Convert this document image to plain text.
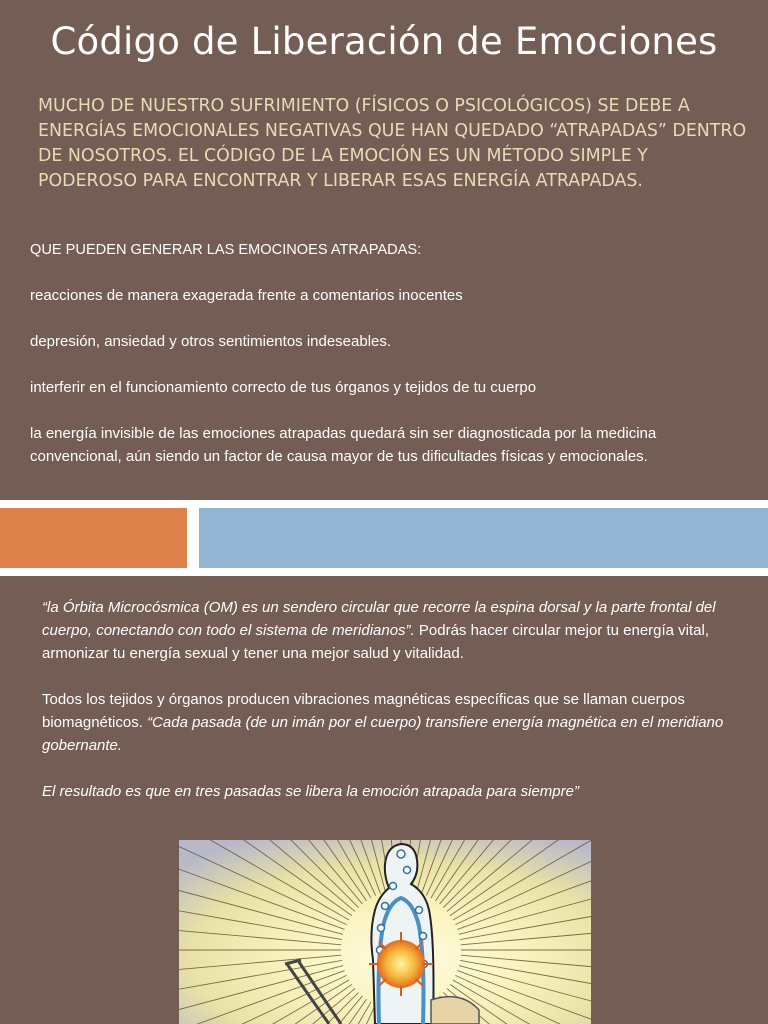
Código de Liberación de Emociones
MUCHO DE NUESTRO SUFRIMIENTO (FÍSICOS O PSICOLÓGICOS) SE DEBE A ENERGÍAS EMOCIONALES NEGATIVAS QUE HAN QUEDADO “ATRAPADAS” DENTRO DE NOSOTROS. EL CÓDIGO DE LA EMOCIÓN ES UN MÉTODO SIMPLE Y PODEROSO PARA ENCONTRAR Y LIBERAR ESAS ENERGÍA ATRAPADAS.
QUE PUEDEN GENERAR LAS EMOCINOES ATRAPADAS:
reacciones de manera exagerada frente a comentarios inocentes
depresión, ansiedad y otros sentimientos indeseables.
interferir en el funcionamiento correcto de tus órganos y tejidos de tu cuerpo
la energía invisible de las emociones atrapadas quedará sin ser diagnosticada por la medicina convencional, aún siendo un factor de causa mayor de tus dificultades físicas y emocionales.

“la Órbita Microcósmica (OM) es un sendero circular que recorre la espina dorsal y la parte frontal del cuerpo, conectando con todo el sistema de meridianos”. Podrás hacer circular mejor tu energía vital, armonizar tu energía sexual y tener una mejor salud y vitalidad.

Todos los tejidos y órganos producen vibraciones magnéticas específicas que se llaman cuerpos biomagnéticos. “Cada pasada (de un imán por el cuerpo) transfiere energía magnética en el meridiano gobernante.

El resultado es que en tres pasadas se libera la emoción atrapada para siempre”
